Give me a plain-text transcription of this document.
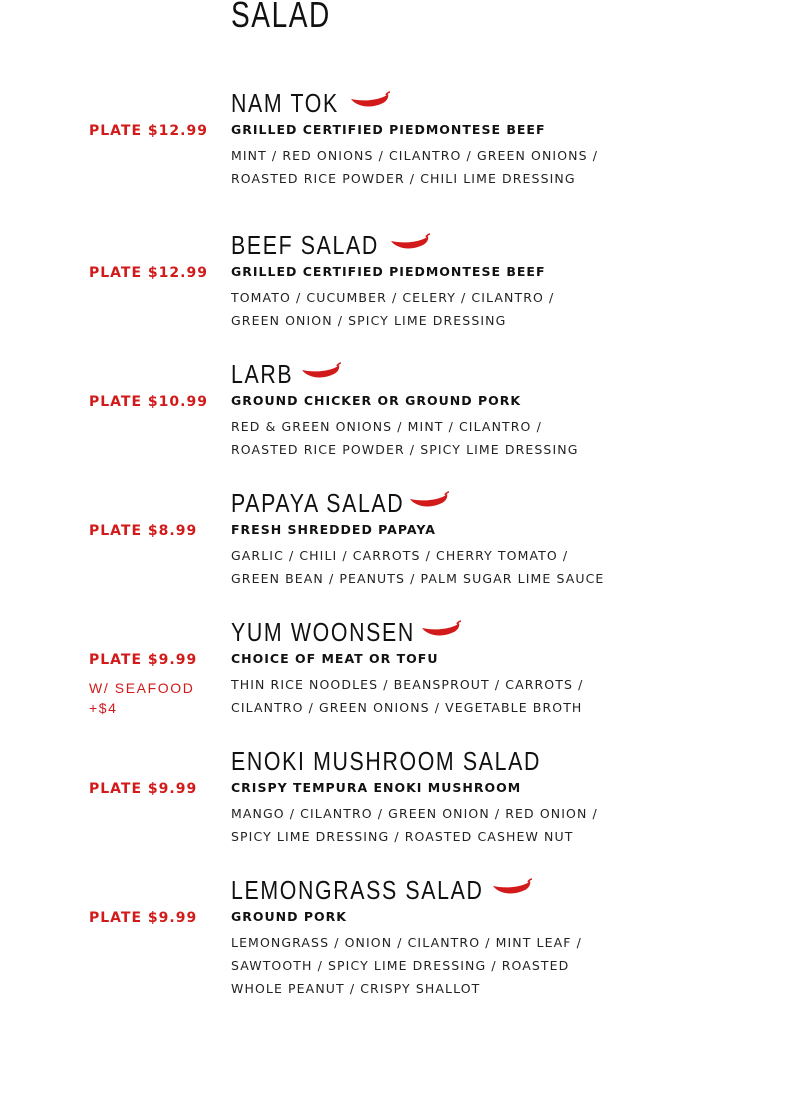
SALAD
NAM TOK
PLATE $12.99 GRILLED CERTIFIED PIEDMONTESE BEEF
MINT / RED ONIONS / CILANTRO / GREEN ONIONS /
ROASTED RICE POWDER / CHILI LIME DRESSING
BEEF SALAD
PLATE $12.99 GRILLED CERTIFIED PIEDMONTESE BEEF
TOMATO / CUCUMBER / CELERY / CILANTRO /
GREEN ONION / SPICY LIME DRESSING
LARB
PLATE $10.99 GROUND CHICKER OR GROUND PORK
RED & GREEN ONIONS / MINT / CILANTRO /
ROASTED RICE POWDER / SPICY LIME DRESSING
PAPAYA SALAD
PLATE $8.99	FRESH SHREDDED PAPAYA
GARLIC / CHILI / CARROTS / CHERRY TOMATO /
GREEN BEAN / PEANUTS / PALM SUGAR LIME SAUCE
YUM WOONSEN
PLATE $9.99
W/ SEAFOOD +$4
CHOICE OF MEAT OR TOFU
THIN RICE NOODLES / BEANSPROUT / CARROTS /
CILANTRO / GREEN ONIONS / VEGETABLE BROTH
ENOKI MUSHROOM SALAD
PLATE $9.99	CRISPY TEMPURA ENOKI MUSHROOM
MANGO / CILANTRO / GREEN ONION / RED ONION /
SPICY LIME DRESSING / ROASTED CASHEW NUT
LEMONGRASS SALAD
PLATE $9.99	GROUND PORK
LEMONGRASS / ONION / CILANTRO / MINT LEAF /
SAWTOOTH / SPICY LIME DRESSING / ROASTED
WHOLE PEANUT / CRISPY SHALLOT
